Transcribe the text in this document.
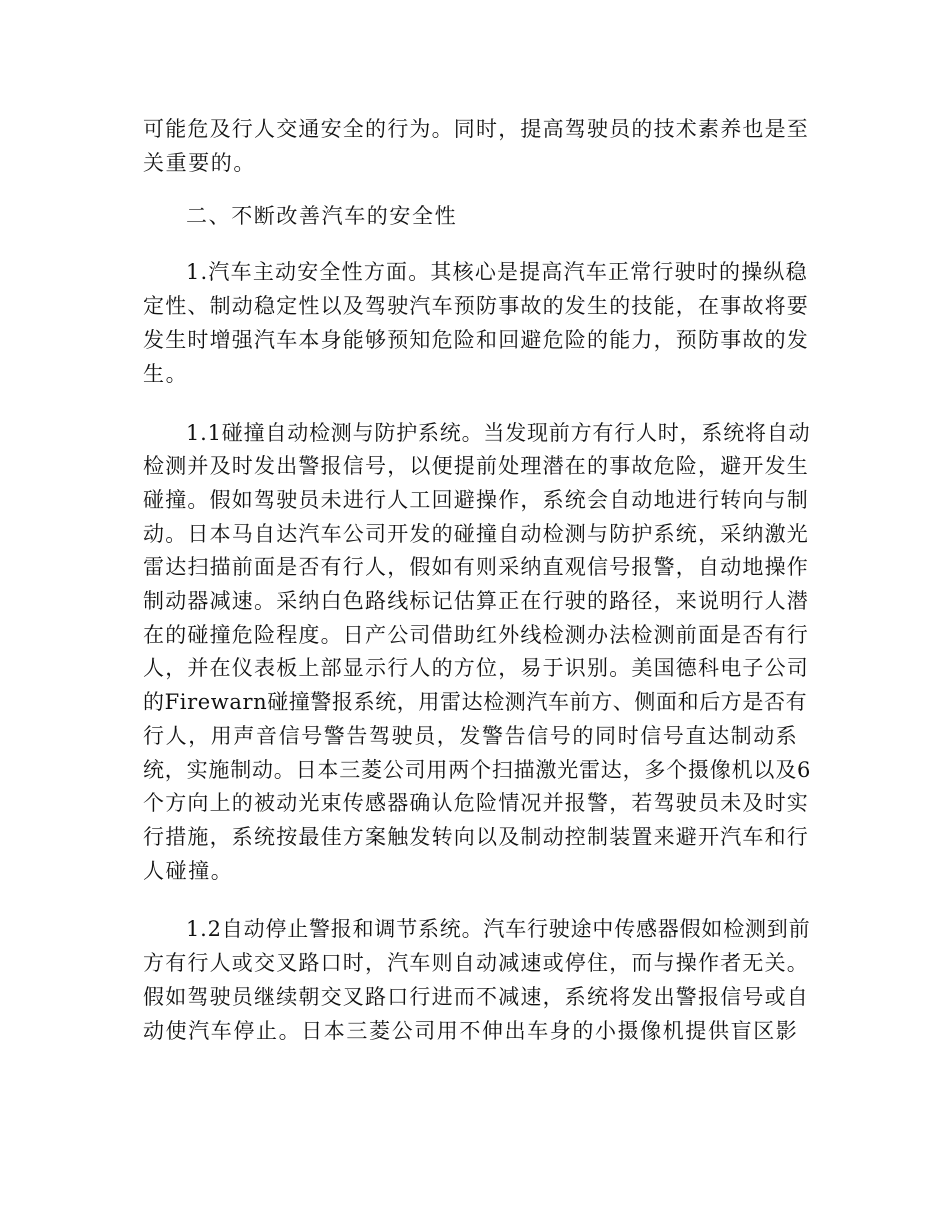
可能危及行人交通安全的行为。同时，提高驾驶员的技术素养也是至
关重要的。
二、不断改善汽车的安全性
1.汽车主动安全性方面。其核心是提高汽车正常行驶时的操纵稳
定性、制动稳定性以及驾驶汽车预防事故的发生的技能，在事故将要
发生时增强汽车本身能够预知危险和回避危险的能力，预防事故的发
生。
1.1碰撞自动检测与防护系统。当发现前方有行人时，系统将自动
检测并及时发出警报信号，以便提前处理潜在的事故危险，避开发生
碰撞。假如驾驶员未进行人工回避操作，系统会自动地进行转向与制
动。日本马自达汽车公司开发的碰撞自动检测与防护系统，采纳激光
雷达扫描前面是否有行人，假如有则采纳直观信号报警，自动地操作
制动器减速。采纳白色路线标记估算正在行驶的路径，来说明行人潜
在的碰撞危险程度。日产公司借助红外线检测办法检测前面是否有行
人，并在仪表板上部显示行人的方位，易于识别。美国德科电子公司
的Firewarn碰撞警报系统，用雷达检测汽车前方、侧面和后方是否有
行人，用声音信号警告驾驶员，发警告信号的同时信号直达制动系
统，实施制动。日本三菱公司用两个扫描激光雷达，多个摄像机以及6
个方向上的被动光束传感器确认危险情况并报警，若驾驶员未及时实
行措施，系统按最佳方案触发转向以及制动控制装置来避开汽车和行
人碰撞。
1.2自动停止警报和调节系统。汽车行驶途中传感器假如检测到前
方有行人或交叉路口时，汽车则自动减速或停住，而与操作者无关。
假如驾驶员继续朝交叉路口行进而不减速，系统将发出警报信号或自
动使汽车停止。日本三菱公司用不伸出车身的小摄像机提供盲区影
